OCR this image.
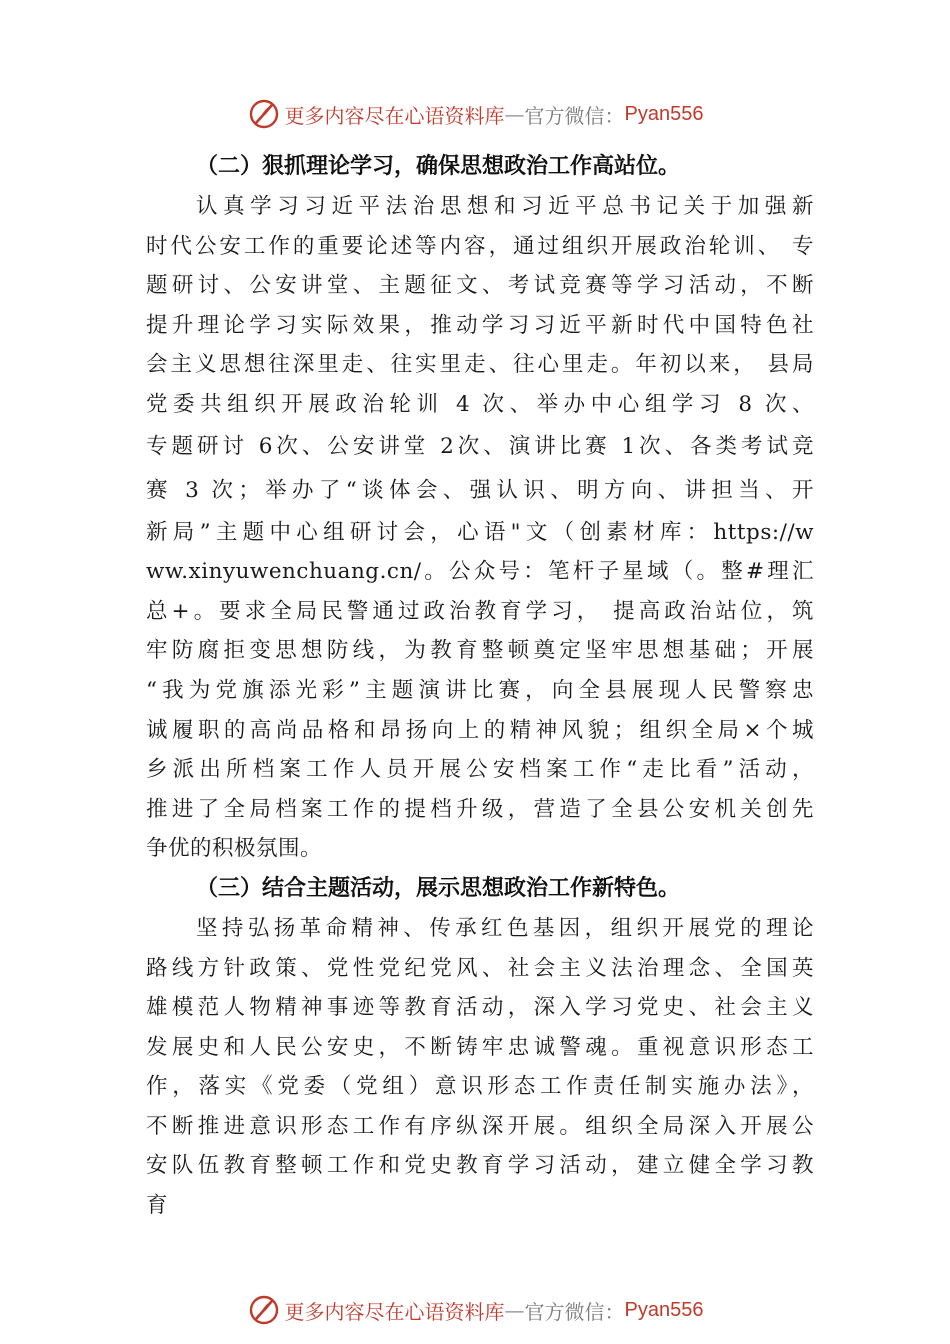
更多内容尽在心语资料库 — 官方微信： Pyan556
（二）狠抓理论学习，确保思想政治工作高站位。
认真学习习近平法治思想和习近平总书记关于加强新
时代公安工作的重要论述等内容，通过组织开展政治轮训、 专
题研讨、公安讲堂、主题征文、考试竞赛等学习活动，不断
提升理论学习实际效果，推动学习习近平新时代中国特色社
会主义思想往深里走、往实里走、往心里走。年初以来， 县局
党委共组织开展政治轮训 4 次、举办中心组学习 8 次、
专题研讨 6次、公安讲堂 2次、演讲比赛 1次、各类考试竞
赛 3 次；举办了“谈体会、强认识、明方向、讲担当、开
新局”主题中心组研讨会，心语"文（创素材库：https://w
ww.xinyuwenchuang.cn/。公众号：笔杆子星域（。整#理汇
总+。要求全局民警通过政治教育学习， 提高政治站位，筑
牢防腐拒变思想防线，为教育整顿奠定坚牢思想基础；开展
“我为党旗添光彩”主题演讲比赛，向全县展现人民警察忠
诚履职的高尚品格和昂扬向上的精神风貌；组织全局×个城
乡派出所档案工作人员开展公安档案工作“走比看”活动，
推进了全局档案工作的提档升级，营造了全县公安机关创先
争优的积极氛围。
（三）结合主题活动，展示思想政治工作新特色。
坚持弘扬革命精神、传承红色基因，组织开展党的理论
路线方针政策、党性党纪党风、社会主义法治理念、全国英
雄模范人物精神事迹等教育活动，深入学习党史、社会主义
发展史和人民公安史，不断铸牢忠诚警魂。重视意识形态工
作，落实《党委（党组）意识形态工作责任制实施办法》，
不断推进意识形态工作有序纵深开展。组织全局深入开展公
安队伍教育整顿工作和党史教育学习活动，建立健全学习教
育
更多内容尽在心语资料库 — 官方微信： Pyan556
